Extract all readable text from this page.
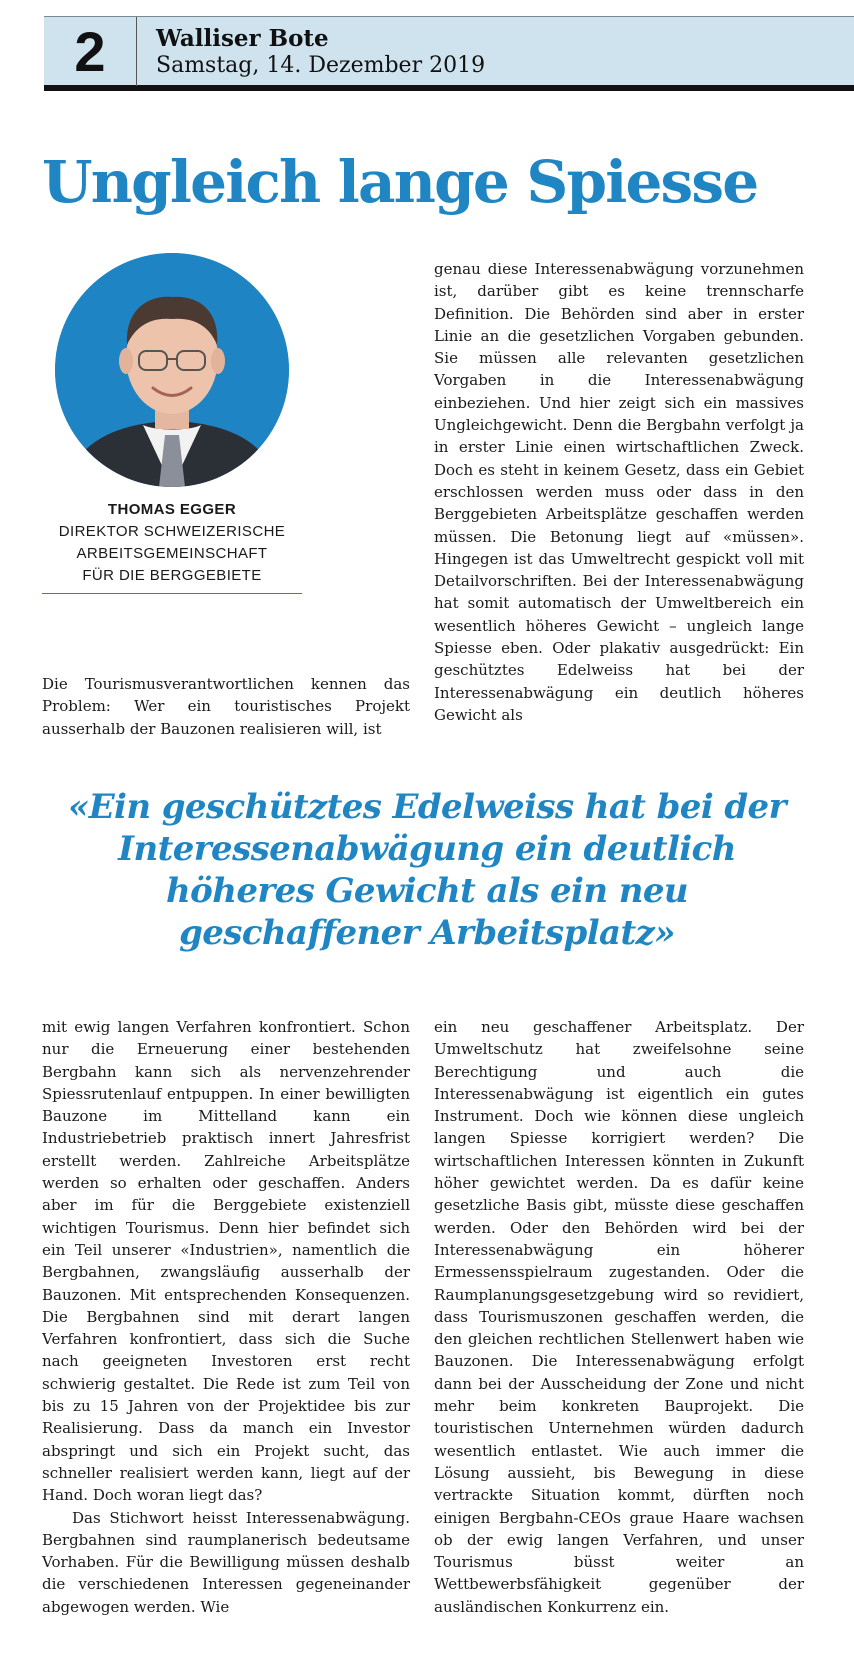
2	Walliser Bote
Samstag, 14. Dezember 2019
Ungleich lange Spiesse
THOMAS EGGER
DIREKTOR SCHWEIZERISCHE
ARBEITSGEMEINSCHAFT
FÜR DIE BERGGEBIETE

Die Tourismusverantwortlichen kennen das Problem: Wer ein touristisches Projekt ausserhalb der Bauzonen realisieren will, ist

genau diese Interessenabwägung vorzunehmen ist, darüber gibt es keine trennscharfe Definition. Die Behörden sind aber in erster Linie an die gesetzlichen Vorgaben gebunden. Sie müssen alle relevanten gesetzlichen Vorgaben in die Interessenabwägung einbeziehen. Und hier zeigt sich ein massives Ungleichgewicht. Denn die Bergbahn verfolgt ja in erster Linie einen wirtschaftlichen Zweck. Doch es steht in keinem Gesetz, dass ein Gebiet erschlossen werden muss oder dass in den Berggebieten Arbeitsplätze geschaffen werden müssen. Die Betonung liegt auf «müssen». Hingegen ist das Umweltrecht gespickt voll mit Detailvorschriften. Bei der Interessenabwägung hat somit automatisch der Umweltbereich ein wesentlich höheres Gewicht – ungleich lange Spiesse eben. Oder plakativ ausgedrückt: Ein geschütztes Edelweiss hat bei der Interessenabwägung ein deutlich höheres Gewicht als

«Ein geschütztes Edelweiss hat bei der Interessenabwägung ein deutlich höheres Gewicht als ein neu geschaffener Arbeitsplatz»

mit ewig langen Verfahren konfrontiert. Schon nur die Erneuerung einer bestehenden Bergbahn kann sich als nervenzehrender Spiessrutenlauf entpuppen. In einer bewilligten Bauzone im Mittelland kann ein Industriebetrieb praktisch innert Jahresfrist erstellt werden. Zahlreiche Arbeitsplätze werden so erhalten oder geschaffen. Anders aber im für die Berggebiete existenziell wichtigen Tourismus. Denn hier befindet sich ein Teil unserer «Industrien», namentlich die Bergbahnen, zwangsläufig ausserhalb der Bauzonen. Mit entsprechenden Konsequenzen. Die Bergbahnen sind mit derart langen Verfahren konfrontiert, dass sich die Suche nach geeigneten Investoren erst recht schwierig gestaltet. Die Rede ist zum Teil von bis zu 15 Jahren von der Projektidee bis zur Realisierung. Dass da manch ein Investor abspringt und sich ein Projekt sucht, das schneller realisiert werden kann, liegt auf der Hand. Doch woran liegt das?

Das Stichwort heisst Interessenabwägung. Bergbahnen sind raumplanerisch bedeutsame Vorhaben. Für die Bewilligung müssen deshalb die verschiedenen Interessen gegeneinander abgewogen werden. Wie

ein neu geschaffener Arbeitsplatz. Der Umweltschutz hat zweifelsohne seine Berechtigung und auch die Interessenabwägung ist eigentlich ein gutes Instrument. Doch wie können diese ungleich langen Spiesse korrigiert werden? Die wirtschaftlichen Interessen könnten in Zukunft höher gewichtet werden. Da es dafür keine gesetzliche Basis gibt, müsste diese geschaffen werden. Oder den Behörden wird bei der Interessenabwägung ein höherer Ermessensspielraum zugestanden. Oder die Raumplanungsgesetzgebung wird so revidiert, dass Tourismuszonen geschaffen werden, die den gleichen rechtlichen Stellenwert haben wie Bauzonen. Die Interessenabwägung erfolgt dann bei der Ausscheidung der Zone und nicht mehr beim konkreten Bauprojekt. Die touristischen Unternehmen würden dadurch wesentlich entlastet. Wie auch immer die Lösung aussieht, bis Bewegung in diese vertrackte Situation kommt, dürften noch einigen Bergbahn-CEOs graue Haare wachsen ob der ewig langen Verfahren, und unser Tourismus büsst weiter an Wettbewerbsfähigkeit gegenüber der ausländischen Konkurrenz ein.
